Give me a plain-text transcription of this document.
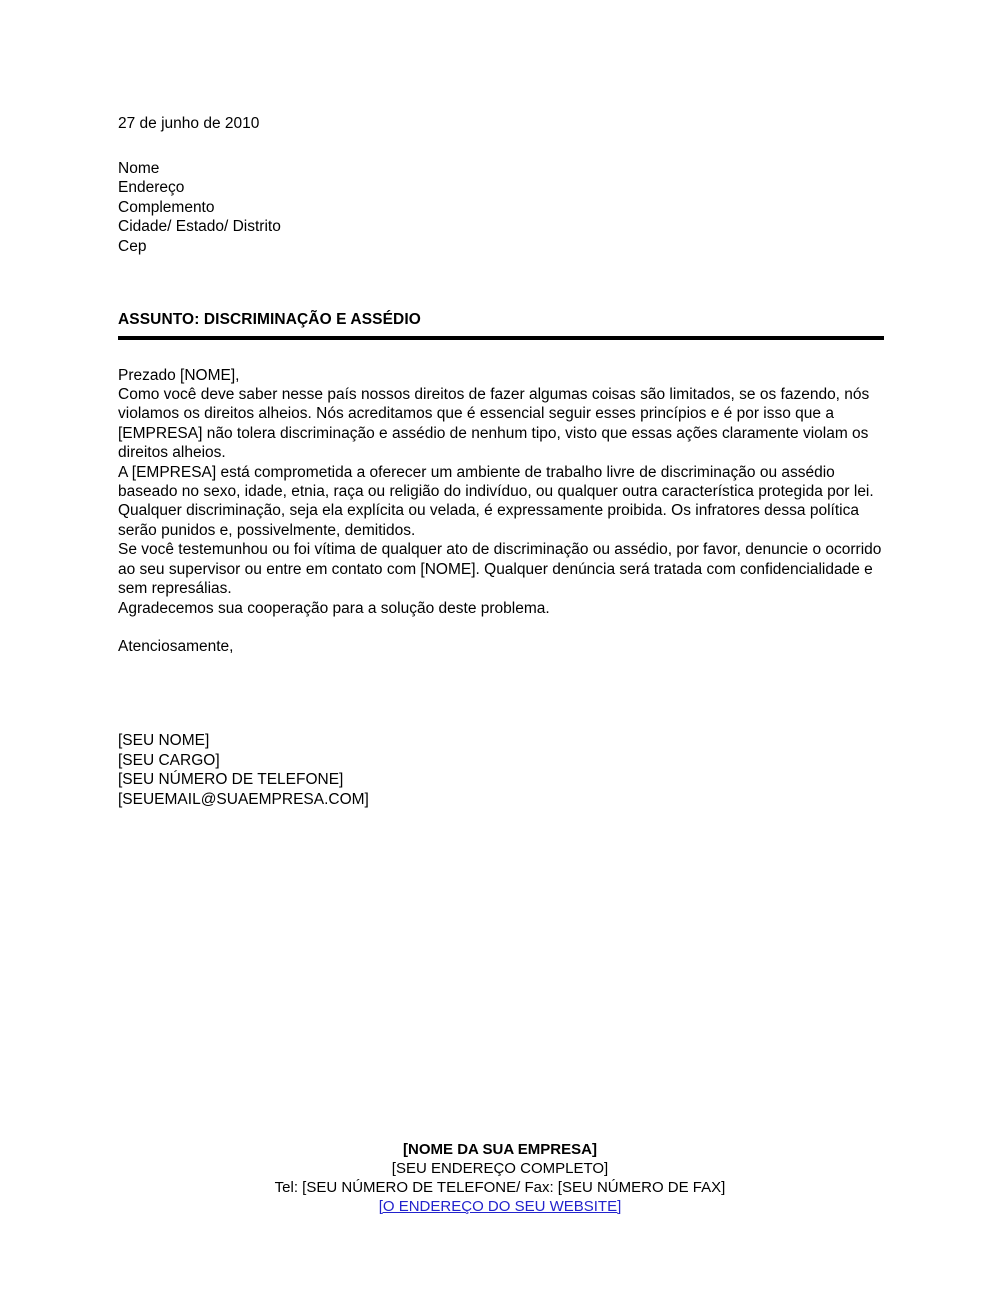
27 de junho de 2010
Nome
Endereço
Complemento
Cidade/ Estado/ Distrito
Cep
ASSUNTO: DISCRIMINAÇÃO E ASSÉDIO
Prezado [NOME],

Como você deve saber nesse país nossos direitos de fazer algumas coisas são limitados, se os fazendo, nós violamos os direitos alheios. Nós acreditamos que é essencial seguir esses princípios e é por isso que a [EMPRESA] não tolera discriminação e assédio de nenhum tipo, visto que essas ações claramente violam os direitos alheios.

A [EMPRESA] está comprometida a oferecer um ambiente de trabalho livre de discriminação ou assédio baseado no sexo, idade, etnia, raça ou religião do indivíduo, ou qualquer outra característica protegida por lei. Qualquer discriminação, seja ela explícita ou velada, é expressamente proibida. Os infratores dessa política serão punidos e, possivelmente, demitidos.

Se você testemunhou ou foi vítima de qualquer ato de discriminação ou assédio, por favor, denuncie o ocorrido ao seu supervisor ou entre em contato com [NOME]. Qualquer denúncia será tratada com confidencialidade e sem represálias.

Agradecemos sua cooperação para a solução deste problema.

Atenciosamente,
[SEU NOME]
[SEU CARGO]
[SEU NÚMERO DE TELEFONE]
[SEUEMAIL@SUAEMPRESA.COM]
[NOME DA SUA EMPRESA]
[SEU ENDEREÇO COMPLETO]
Tel: [SEU NÚMERO DE TELEFONE/ Fax: [SEU NÚMERO DE FAX]
[O ENDEREÇO DO SEU WEBSITE]
